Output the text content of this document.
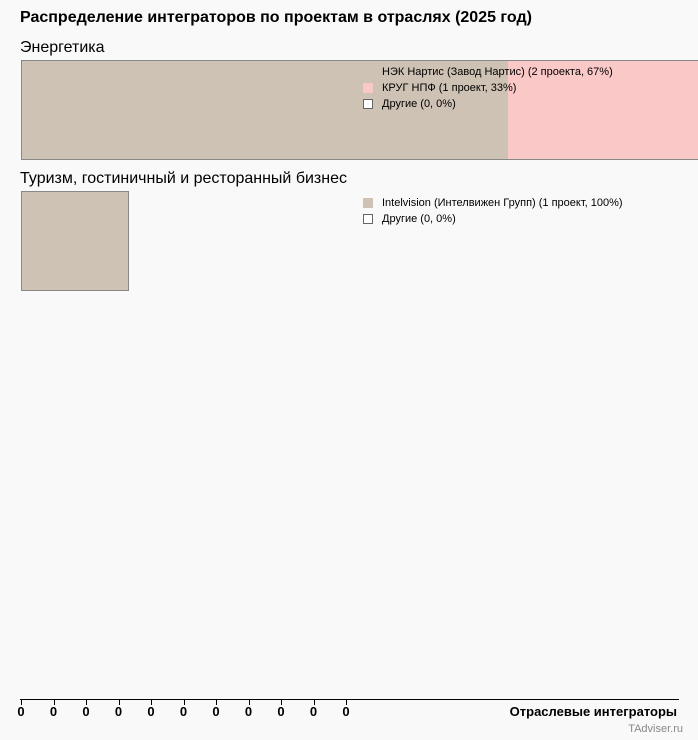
Распределение интеграторов по проектам в отраслях (2025 год)
Энергетика
НЭК Нартис (Завод Нартис) (2 проекта, 67%)
КРУГ НПФ (1 проект, 33%)
Другие (0, 0%)
Туризм, гостиничный и ресторанный бизнес
Intelvision (Интелвижен Групп) (1 проект, 100%)
Другие (0, 0%)
0	0	0	0	0	0	0	0	0	0	0	Отраслевые интеграторы
TAdviser.ru
